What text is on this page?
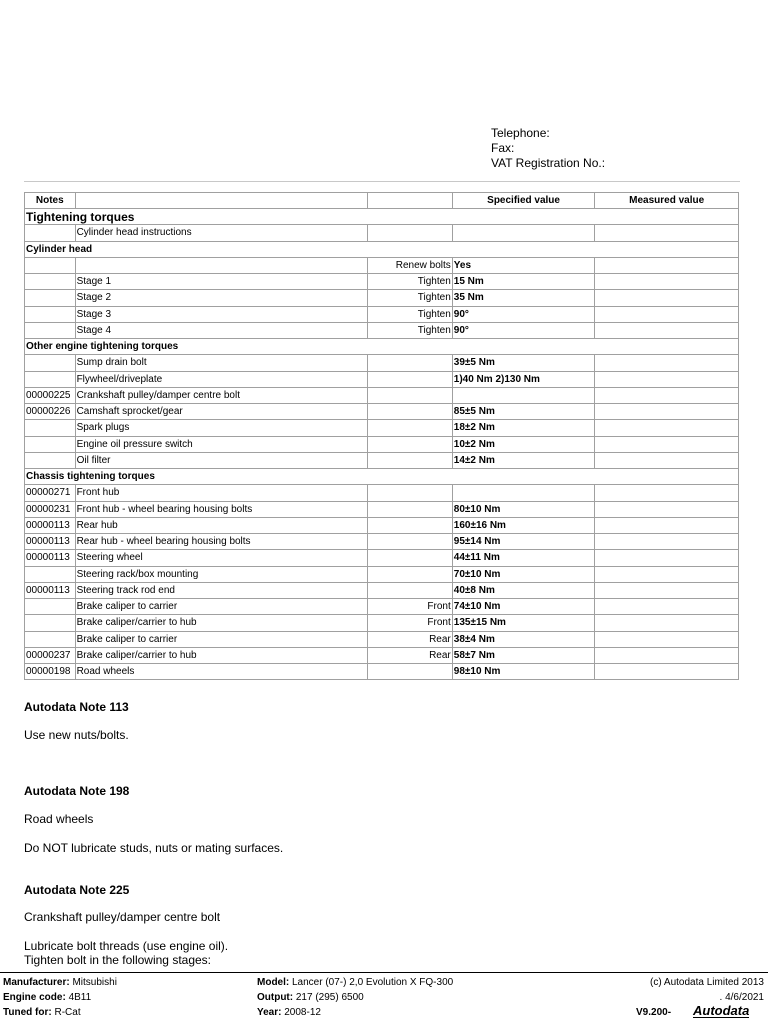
Telephone:
Fax:
VAT Registration No.:
Notes			Specified value	Measured value
Tightening torques				
	Cylinder head instructions			
Cylinder head				
		Renew bolts	Yes	
	Stage 1	Tighten	15 Nm	
	Stage 2	Tighten	35 Nm	
	Stage 3	Tighten	90°	
	Stage 4	Tighten	90°	
Other engine tightening torques				
	Sump drain bolt		39±5 Nm	
	Flywheel/driveplate		1)40 Nm 2)130 Nm	
00000225	Crankshaft pulley/damper centre bolt			
00000226	Camshaft sprocket/gear		85±5 Nm	
	Spark plugs		18±2 Nm	
	Engine oil pressure switch		10±2 Nm	
	Oil filter		14±2 Nm	
Chassis tightening torques				
00000271	Front hub			
00000231	Front hub - wheel bearing housing bolts		80±10 Nm	
00000113	Rear hub		160±16 Nm	
00000113	Rear hub - wheel bearing housing bolts		95±14 Nm	
00000113	Steering wheel		44±11 Nm	
	Steering rack/box mounting		70±10 Nm	
00000113	Steering track rod end		40±8 Nm	
	Brake caliper to carrier	Front	74±10 Nm	
	Brake caliper/carrier to hub	Front	135±15 Nm	
	Brake caliper to carrier	Rear	38±4 Nm	
00000237	Brake caliper/carrier to hub	Rear	58±7 Nm	
00000198	Road wheels		98±10 Nm	
Autodata Note 113
Use new nuts/bolts.
Autodata Note 198
Road wheels
Do NOT lubricate studs, nuts or mating surfaces.
Autodata Note 225
Crankshaft pulley/damper centre bolt
Lubricate bolt threads (use engine oil).
Tighten bolt in the following stages:
Manufacturer: Mitsubishi
Engine code: 4B11
Tuned for: R-Cat
Model: Lancer (07-) 2,0 Evolution X FQ-300
Output: 217 (295) 6500
Year: 2008-12
(c) Autodata Limited 2013
. 4/6/2021
V9.200- Autodata
